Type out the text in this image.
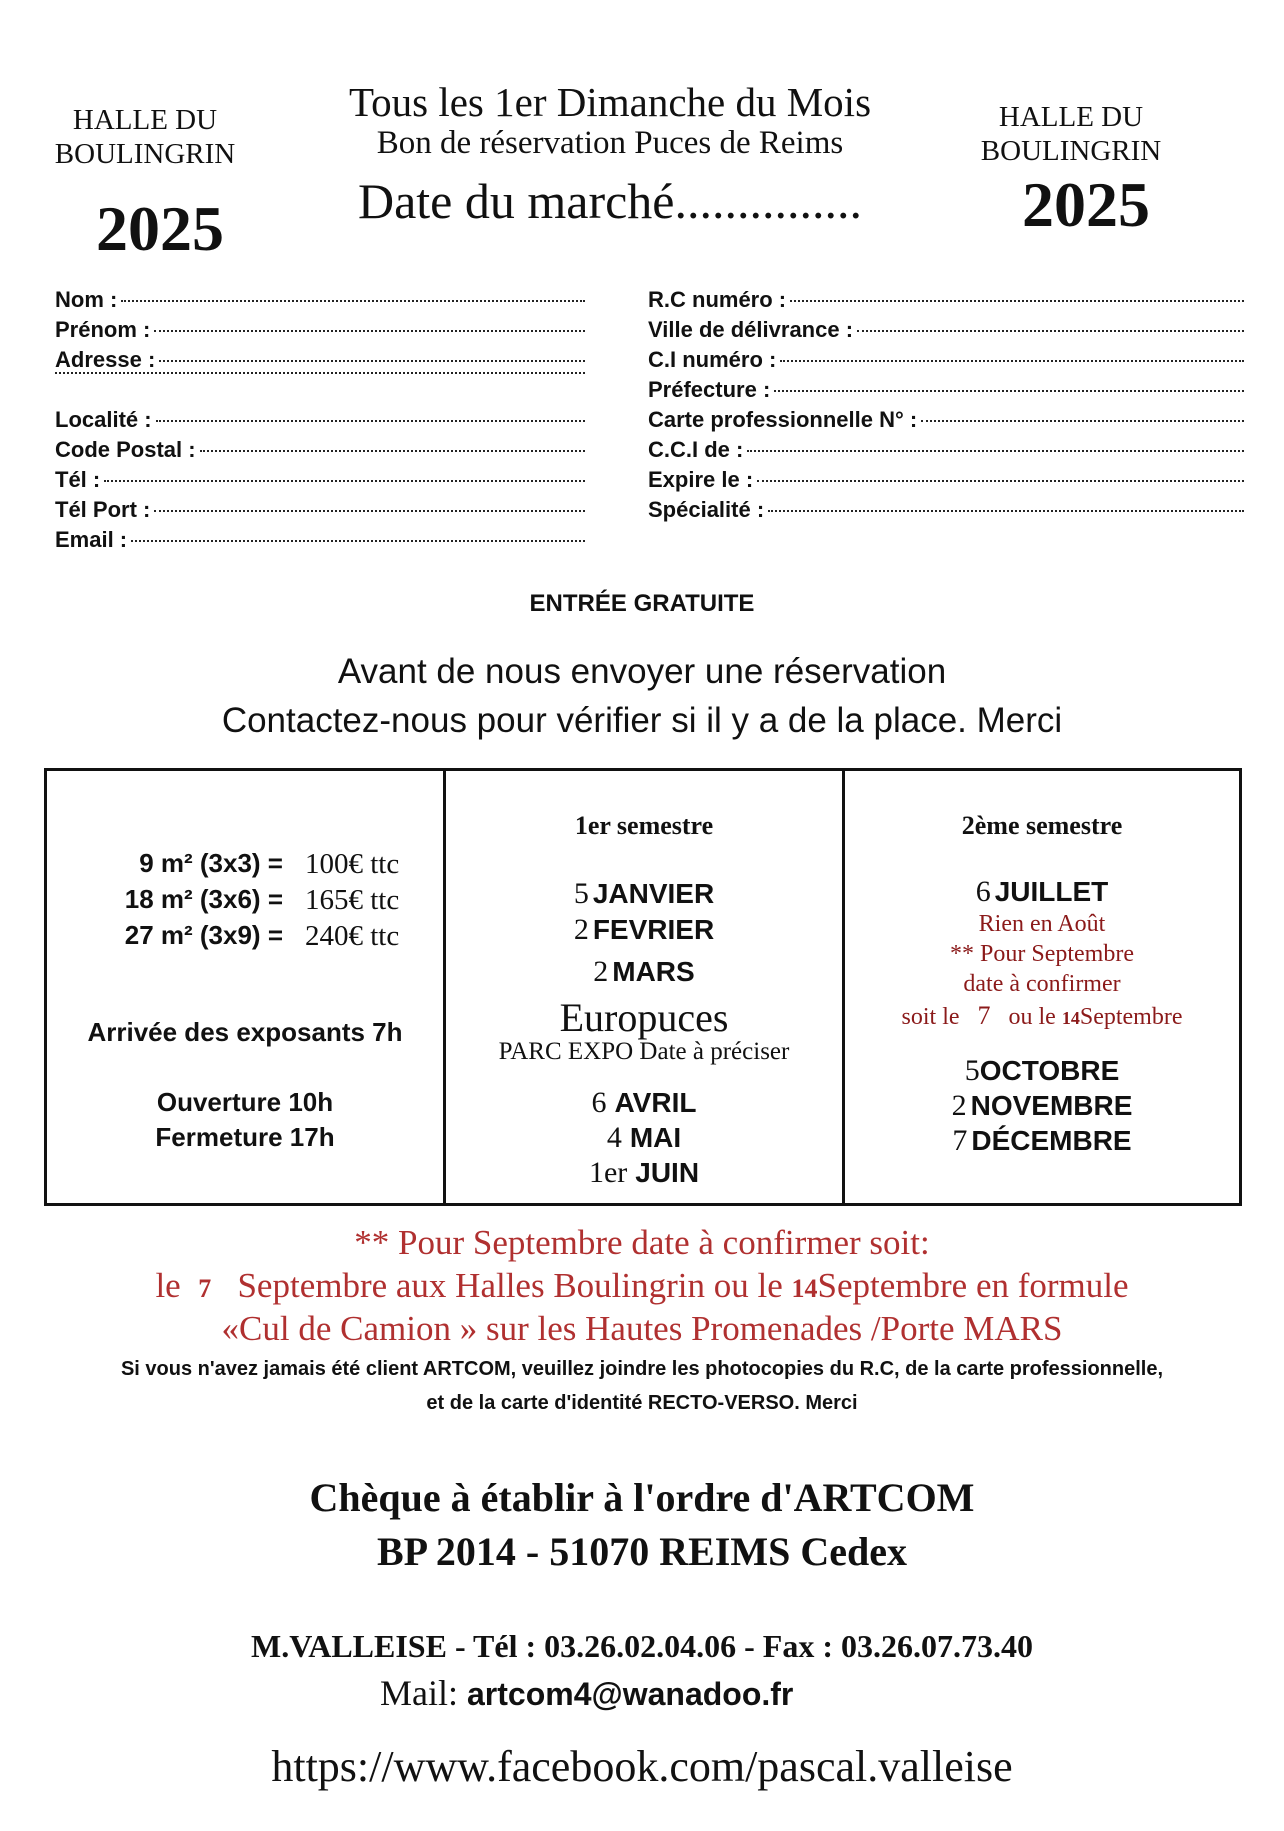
HALLE DU
BOULINGRIN
2025
HALLE DU
BOULINGRIN
2025
Tous les 1er Dimanche du Mois
Bon de réservation Puces de Reims
Date du marché...............
Nom :
Prénom :
Adresse :
Localité :
Code Postal :
Tél :
Tél Port :
Email :
R.C numéro :
Ville de délivrance :
C.I numéro :
Préfecture :
Carte professionnelle N° :
C.C.I de :
Expire le :
Spécialité :
ENTRÉE GRATUITE
Avant de nous envoyer une réservation
Contactez-nous pour vérifier si il y a de la place. Merci
9 m² (3x3) = 100€ ttc
18 m² (3x6) = 165€ ttc
27 m² (3x9) = 240€ ttc
Arrivée des exposants 7h
Ouverture 10h
Fermeture 17h
1er semestre
5 JANVIER
2 FEVRIER
2 MARS
Europuces
PARC EXPO Date à préciser
6 AVRIL
4 MAI
1er JUIN
2ème semestre
6 JUILLET
Rien en Août
** Pour Septembre
date à confirmer
soit le 7 ou le 14Septembre
5OCTOBRE
2 NOVEMBRE
7 DÉCEMBRE
** Pour Septembre date à confirmer soit:
le 7 Septembre aux Halles Boulingrin ou le 14Septembre en formule
«Cul de Camion » sur les Hautes Promenades /Porte MARS
Si vous n'avez jamais été client ARTCOM, veuillez joindre les photocopies du R.C, de la carte professionnelle,
et de la carte d'identité RECTO-VERSO. Merci
Chèque à établir à l'ordre d'ARTCOM
BP 2014 - 51070 REIMS Cedex
M.VALLEISE - Tél : 03.26.02.04.06 - Fax : 03.26.07.73.40
Mail: artcom4@wanadoo.fr
https://www.facebook.com/pascal.valleise
